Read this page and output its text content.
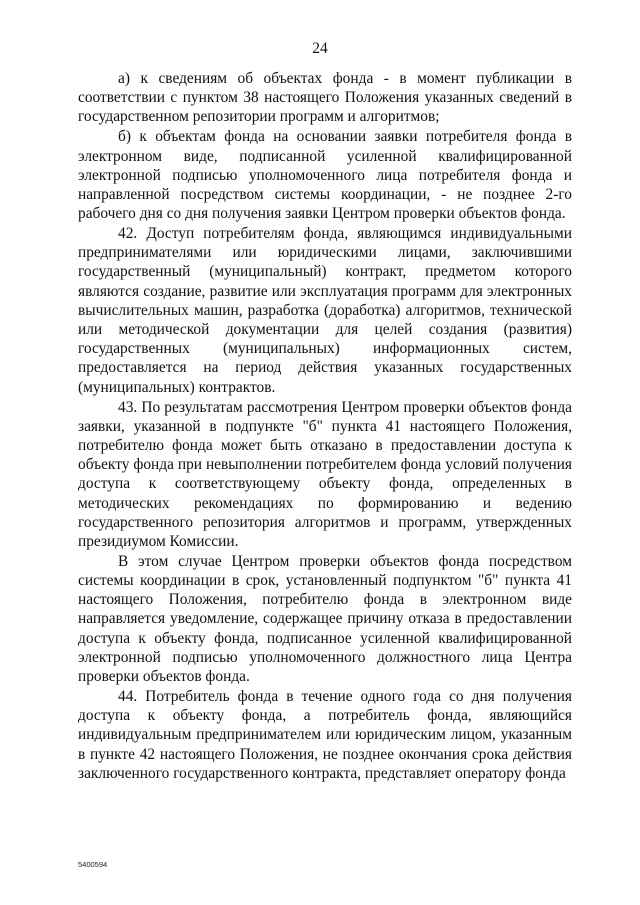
24

а) к сведениям об объектах фонда - в момент публикации в соответствии с пунктом 38 настоящего Положения указанных сведений в государственном репозитории программ и алгоритмов;

б) к объектам фонда на основании заявки потребителя фонда в электронном виде, подписанной усиленной квалифицированной электронной подписью уполномоченного лица потребителя фонда и направленной посредством системы координации, - не позднее 2-го рабочего дня со дня получения заявки Центром проверки объектов фонда.

42. Доступ потребителям фонда, являющимся индивидуальными предпринимателями или юридическими лицами, заключившими государственный (муниципальный) контракт, предметом которого являются создание, развитие или эксплуатация программ для электронных вычислительных машин, разработка (доработка) алгоритмов, технической или методической документации для целей создания (развития) государственных (муниципальных) информационных систем, предоставляется на период действия указанных государственных (муниципальных) контрактов.

43. По результатам рассмотрения Центром проверки объектов фонда заявки, указанной в подпункте "б" пункта 41 настоящего Положения, потребителю фонда может быть отказано в предоставлении доступа к объекту фонда при невыполнении потребителем фонда условий получения доступа к соответствующему объекту фонда, определенных в методических рекомендациях по формированию и ведению государственного репозитория алгоритмов и программ, утвержденных президиумом Комиссии.

В этом случае Центром проверки объектов фонда посредством системы координации в срок, установленный подпунктом "б" пункта 41 настоящего Положения, потребителю фонда в электронном виде направляется уведомление, содержащее причину отказа в предоставлении доступа к объекту фонда, подписанное усиленной квалифицированной электронной подписью уполномоченного должностного лица Центра проверки объектов фонда.

44. Потребитель фонда в течение одного года со дня получения доступа к объекту фонда, а потребитель фонда, являющийся индивидуальным предпринимателем или юридическим лицом, указанным в пункте 42 настоящего Положения, не позднее окончания срока действия заключенного государственного контракта, представляет оператору фонда

5400594
